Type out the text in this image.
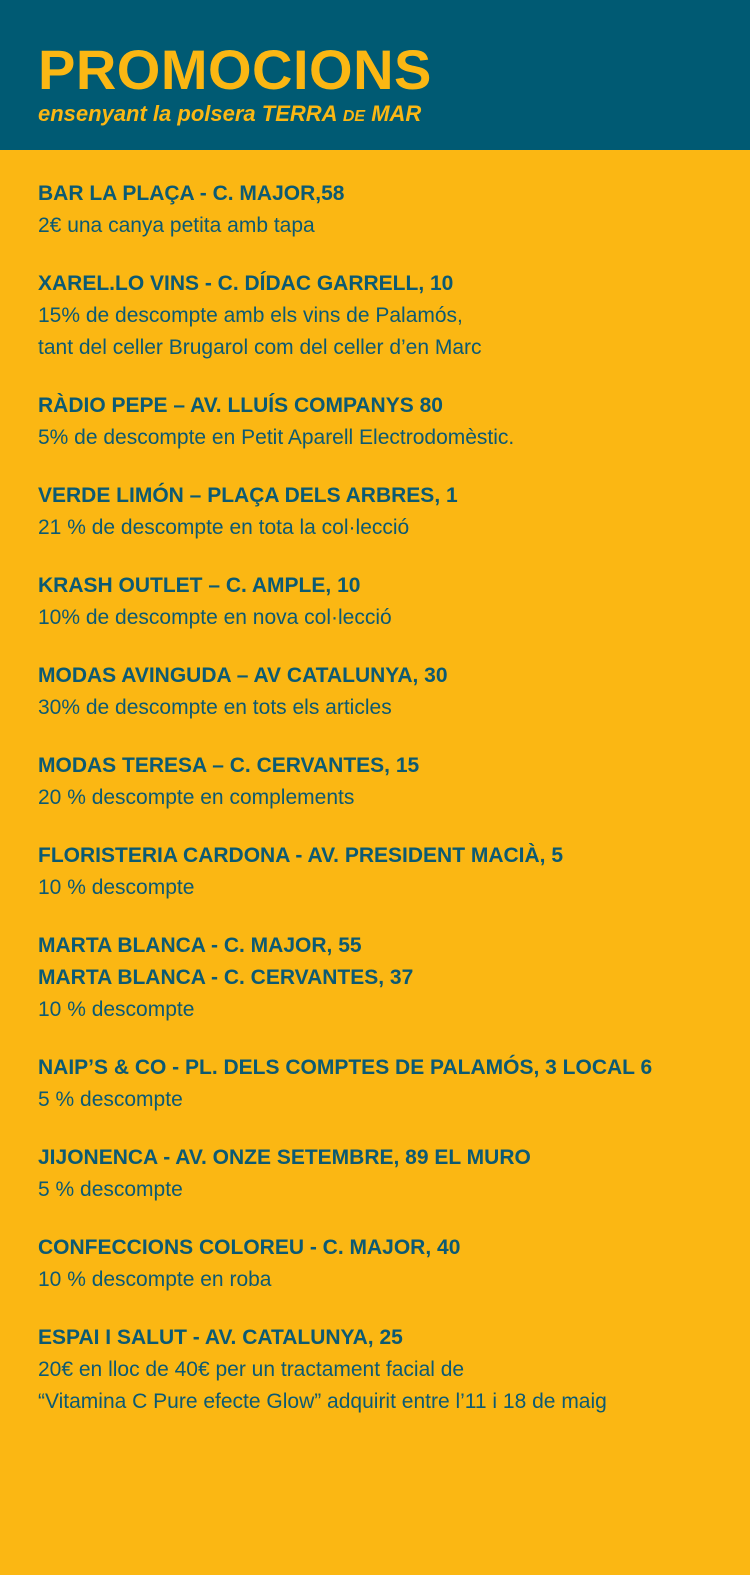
PROMOCIONS
ensenyant la polsera TERRA DE MAR
BAR LA PLAÇA - C. MAJOR,58
2€ una canya petita amb tapa
XAREL.LO VINS - C. DÍDAC GARRELL, 10
15% de descompte amb els vins de Palamós,
tant del celler Brugarol com del celler d’en Marc
RÀDIO PEPE – AV. LLUÍS COMPANYS 80
5% de descompte en Petit Aparell Electrodomèstic.
VERDE LIMÓN – PLAÇA DELS ARBRES, 1
21 % de descompte en tota la col·lecció
KRASH OUTLET – C. AMPLE, 10
10% de descompte en nova col·lecció
MODAS AVINGUDA – AV CATALUNYA, 30
30% de descompte en tots els articles
MODAS TERESA – C. CERVANTES, 15
20 % descompte en complements
FLORISTERIA CARDONA - AV. PRESIDENT MACIÀ, 5
10 % descompte
MARTA BLANCA - C. MAJOR, 55
MARTA BLANCA - C. CERVANTES, 37
10 % descompte
NAIP’S & CO - PL. DELS COMPTES DE PALAMÓS, 3 LOCAL 6
5 % descompte
JIJONENCA - AV. ONZE SETEMBRE, 89 EL MURO
5 % descompte
CONFECCIONS COLOREU - C. MAJOR, 40
10 % descompte en roba
ESPAI I SALUT - AV. CATALUNYA, 25
20€ en lloc de 40€ per un tractament facial de
“Vitamina C Pure efecte Glow” adquirit entre l’11 i 18 de maig
